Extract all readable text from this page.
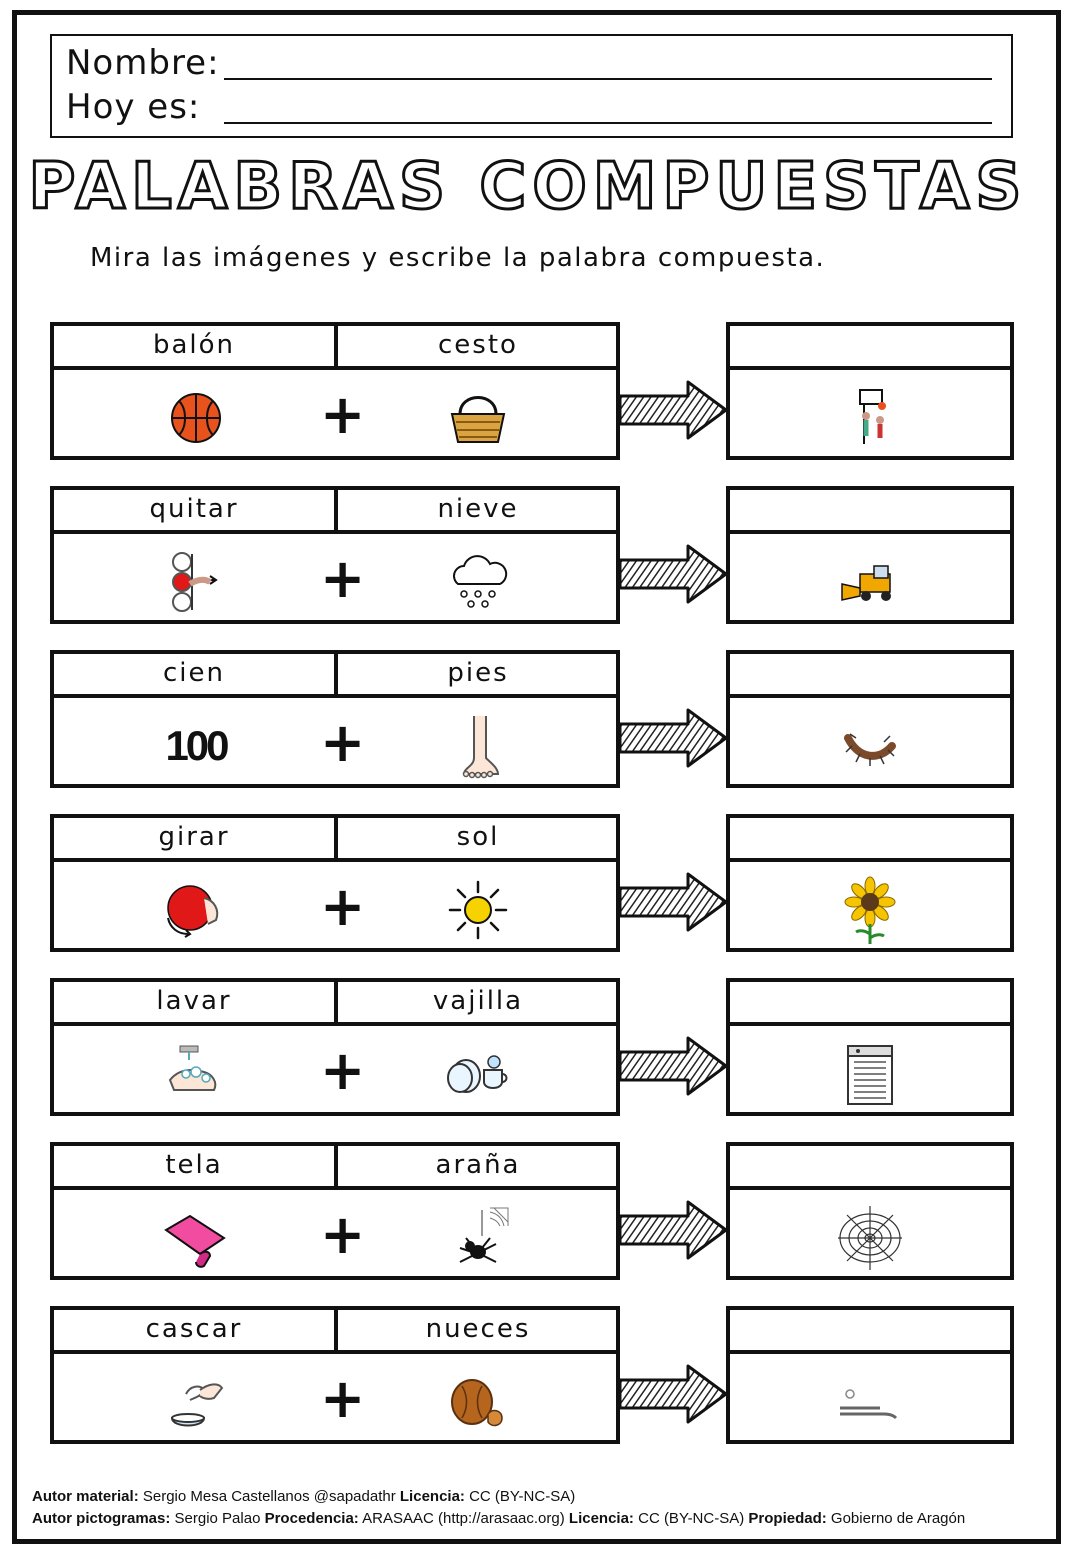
Nombre:
Hoy es:
PALABRAS COMPUESTAS
Mira las imágenes y escribe la palabra compuesta.
balón	cesto
+
quitar	nieve
+
cien	pies
100 +
girar	sol
+
lavar	vajilla
+
tela	araña
+
cascar	nueces
+
Autor material: Sergio Mesa Castellanos @sapadathr Licencia: CC (BY-NC-SA)
Autor pictogramas: Sergio Palao Procedencia: ARASAAC (http://arasaac.org) Licencia: CC (BY-NC-SA) Propiedad: Gobierno de Aragón
